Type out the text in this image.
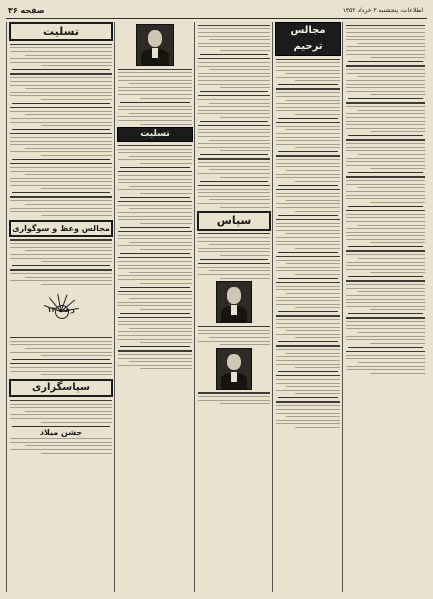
صفحه ۳۶	اطلاعات، پنجشنبه ۳ خرداد ۱۳۵۲
تسلیت
مجالس وعظ و سوگواری
۱۳ رجب
سپاسگزاری
جشن میلاد
تسلیت
سپاس
مجالس ترحیم
